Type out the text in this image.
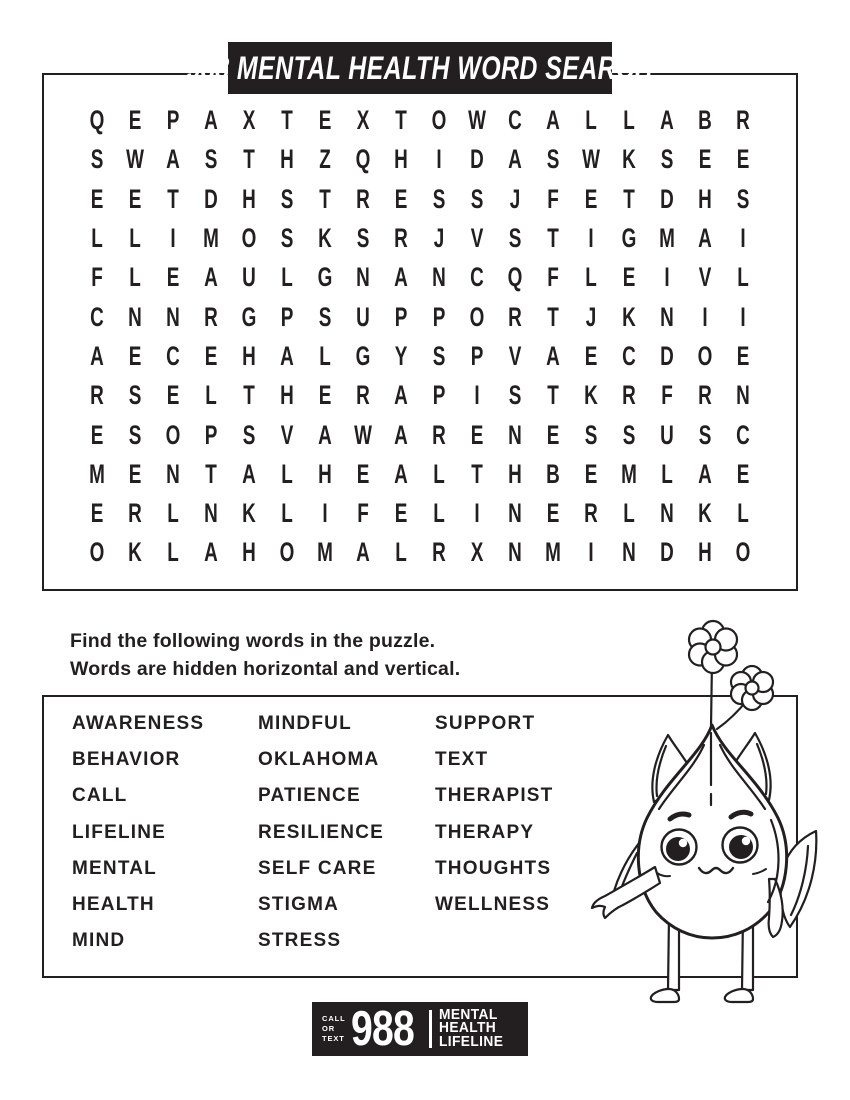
988 MENTAL HEALTH WORD SEARCH
Q E P A X T E X T O W C A L L A B R
S W A S T H Z Q H	I	D A S W K S E E
E E T D H S T R E S S J F E T D H S
L L	I	M O S K S R J V S T	I	G M A	I
F L E A U L G N A N C Q F L E	I	V L
C N N R G P S U P P O R T J K N	I	I
A E C E H A L G Y S P V A E C D O E
R S E L T H E R A P	I	S T K R F R N
E S O P S V A W A R E N E S S U S C
M E N T A L H E A L T H B E M L A E
E R L N K L	I	F E L	I	N E R L N K L
O K L A H O M A L R X N M	I	N D H O
Find the following words in the puzzle.
Words are hidden horizontal and vertical.
AWARENESS
BEHAVIOR
CALL
LIFELINE
MENTAL
HEALTH
MIND
MINDFUL
OKLAHOMA
PATIENCE
RESILIENCE
SELF CARE
STIGMA
STRESS
SUPPORT
TEXT
THERAPIST
THERAPY
THOUGHTS
WELLNESS
CALL
OR
TEXT 988 MENTAL
HEALTH
LIFELINE
